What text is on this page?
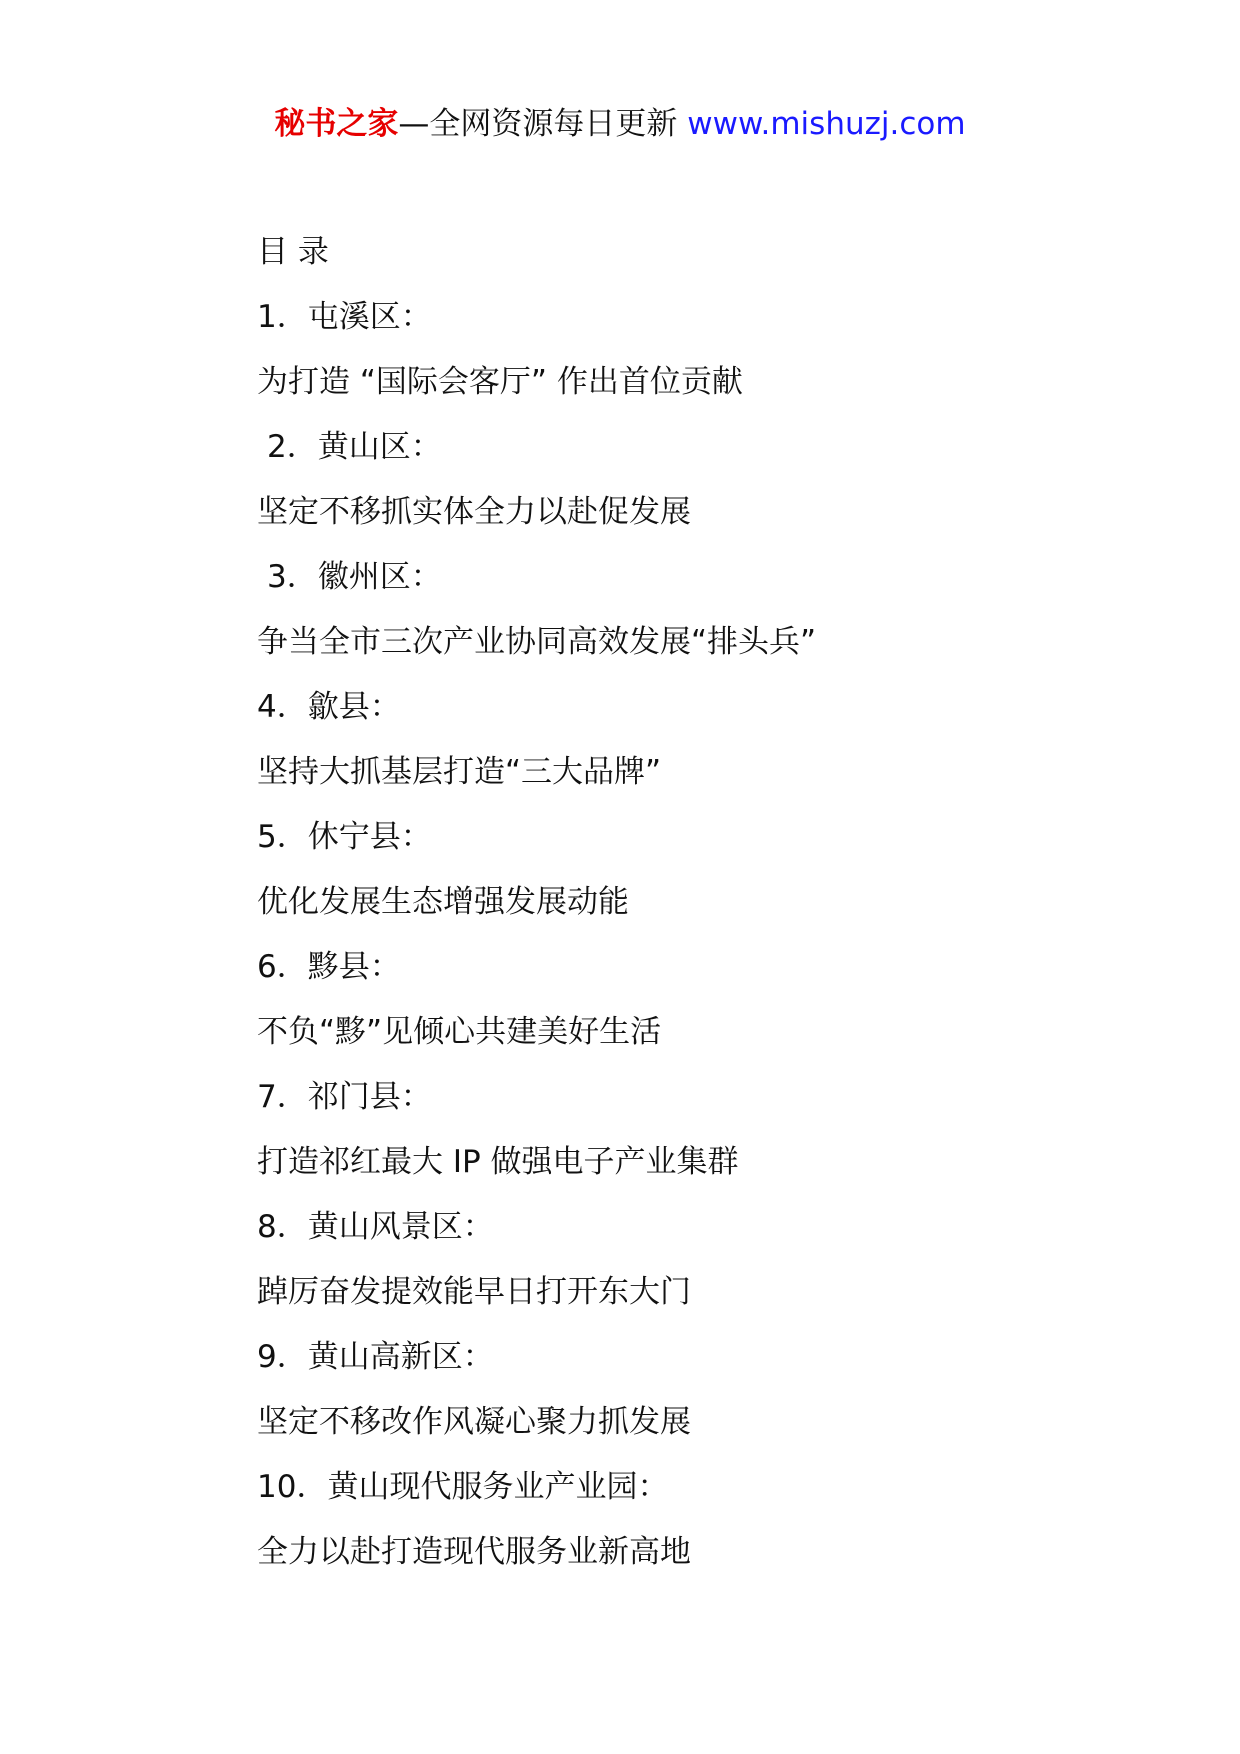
秘书之家—全网资源每日更新 www.mishuzj.com
目 录
1．屯溪区：
为打造 “国际会客厅” 作出首位贡献
2．黄山区：
坚定不移抓实体全力以赴促发展
3．徽州区：
争当全市三次产业协同高效发展“排头兵”
4．歙县：
坚持大抓基层打造“三大品牌”
5．休宁县：
优化发展生态增强发展动能
6．黟县：
不负“黟”见倾心共建美好生活
7．祁门县：
打造祁红最大 IP 做强电子产业集群
8．黄山风景区：
踔厉奋发提效能早日打开东大门
9．黄山高新区：
坚定不移改作风凝心聚力抓发展
10．黄山现代服务业产业园：
全力以赴打造现代服务业新高地
